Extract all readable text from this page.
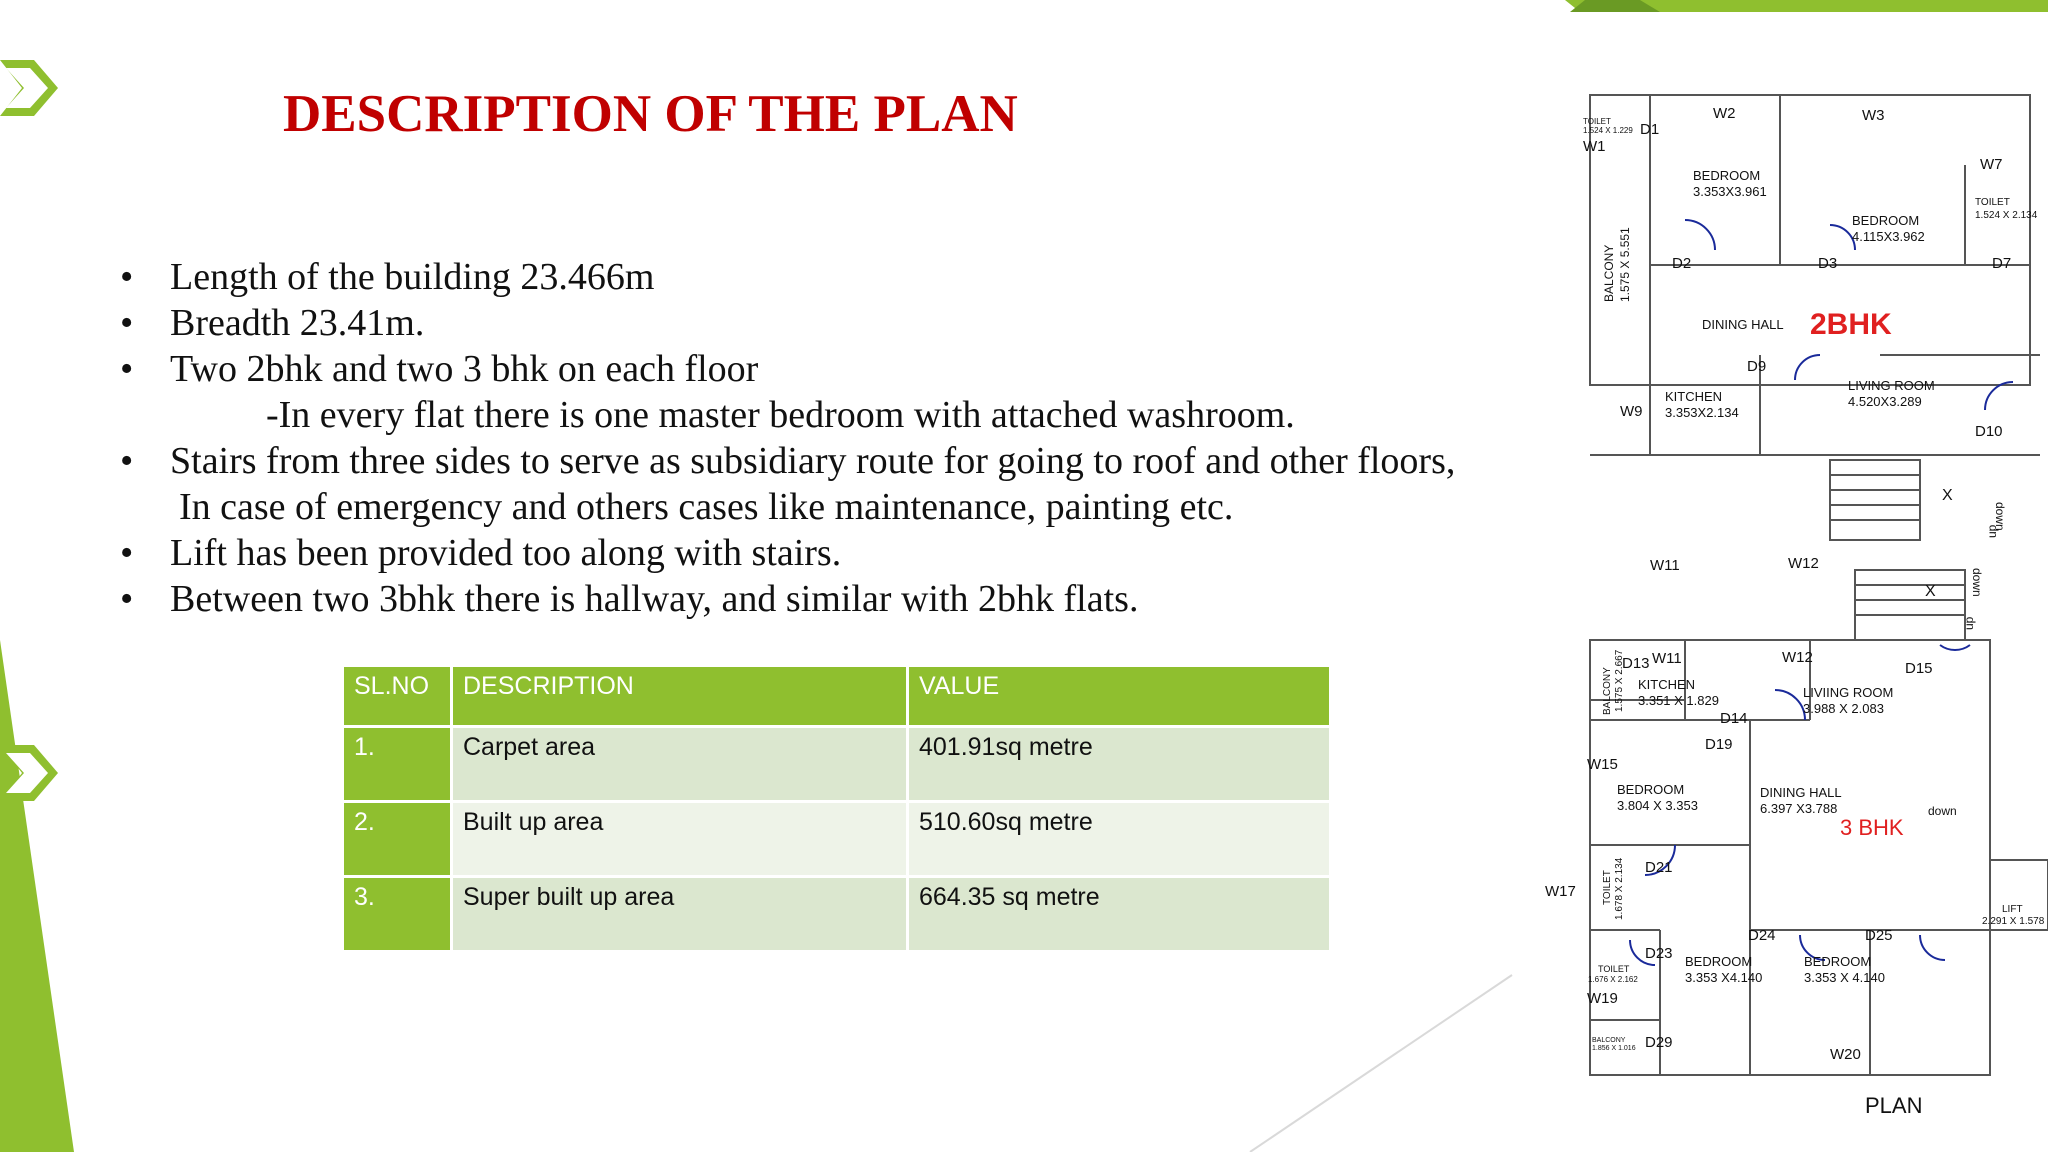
DESCRIPTION OF THE PLAN
• Length of the building 23.466m
• Breadth 23.41m.
• Two 2bhk and two 3 bhk on each floor
-In every flat there is one master bedroom with attached washroom.
• Stairs from three sides to serve as subsidiary route for going to roof and other floors,
In case of emergency and others cases like maintenance, painting etc.
• Lift has been provided too along with stairs.
• Between two 3bhk there is hallway, and similar with 2bhk flats.
SL.NO	DESCRIPTION	VALUE
1.	Carpet area	401.91sq metre
2.	Built up area	510.60sq metre
3.	Super built up area	664.35 sq metre
2BHK
3 BHK
PLAN
BEDROOM
3.353X3.961
BEDROOM
4.115X3.962
TOILET
1.524 X 2.134
DINING HALL
KITCHEN
3.353X2.134
LIVING ROOM
4.520X3.289
BALCONY 1.575 X 5.551
TOILET
1.524 X 1.229
W1
D1
W2	W3
W7
D2	D3	D7
D9
W9
D10
W11	W12
KITCHEN
3.351 X 1.829
LIVIING ROOM
3.988 X 2.083
BEDROOM
3.804 X 3.353
DINING HALL
6.397 X3.788
BEDROOM
3.353 X4.140
BEDROOM
3.353 X 4.140
TOILET
1.676 X 2.162
BALCONY
1.856 X 1.016
LIFT
2.291 X 1.578
TOILET 1.678 X 2.134
BALCONY 1.575 X 2.667
D13 W11	W12
D15
D14
D19
W15
D21
W17
D24	D25
D23
W19
D29
W20
up
down
X
down
up
X
down
